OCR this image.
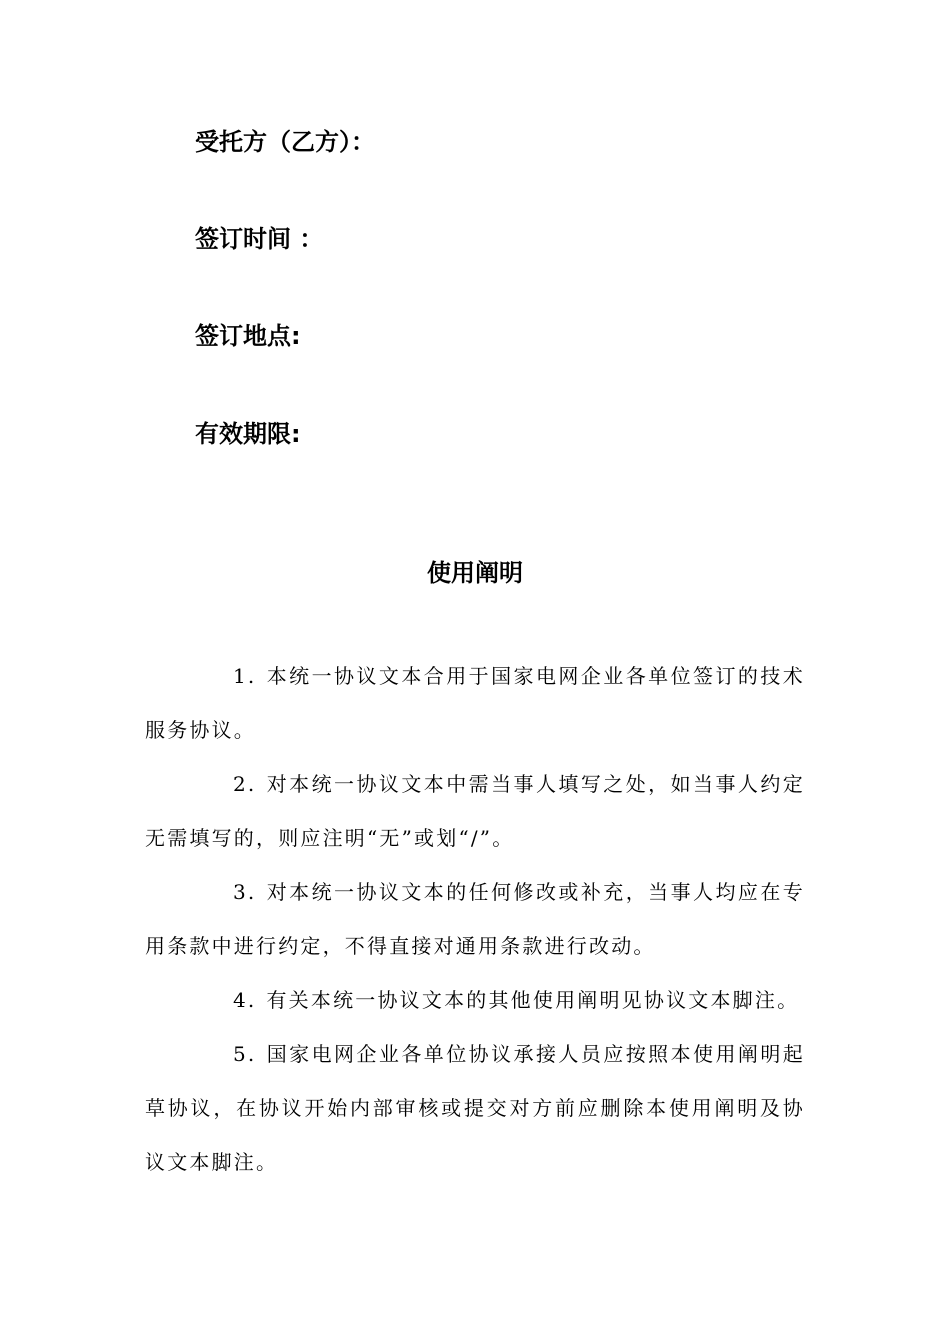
受托方（乙方）：
签订时间 ：
签订地点:
有效期限:
使用阐明

1. 本统一协议文本合用于国家电网企业各单位签订的技术服务协议。

2. 对本统一协议文本中需当事人填写之处，如当事人约定无需填写的，则应注明“无”或划“/”。

3. 对本统一协议文本的任何修改或补充，当事人均应在专用条款中进行约定，不得直接对通用条款进行改动。

4. 有关本统一协议文本的其他使用阐明见协议文本脚注。

5. 国家电网企业各单位协议承接人员应按照本使用阐明起草协议，在协议开始内部审核或提交对方前应删除本使用阐明及协议文本脚注。
